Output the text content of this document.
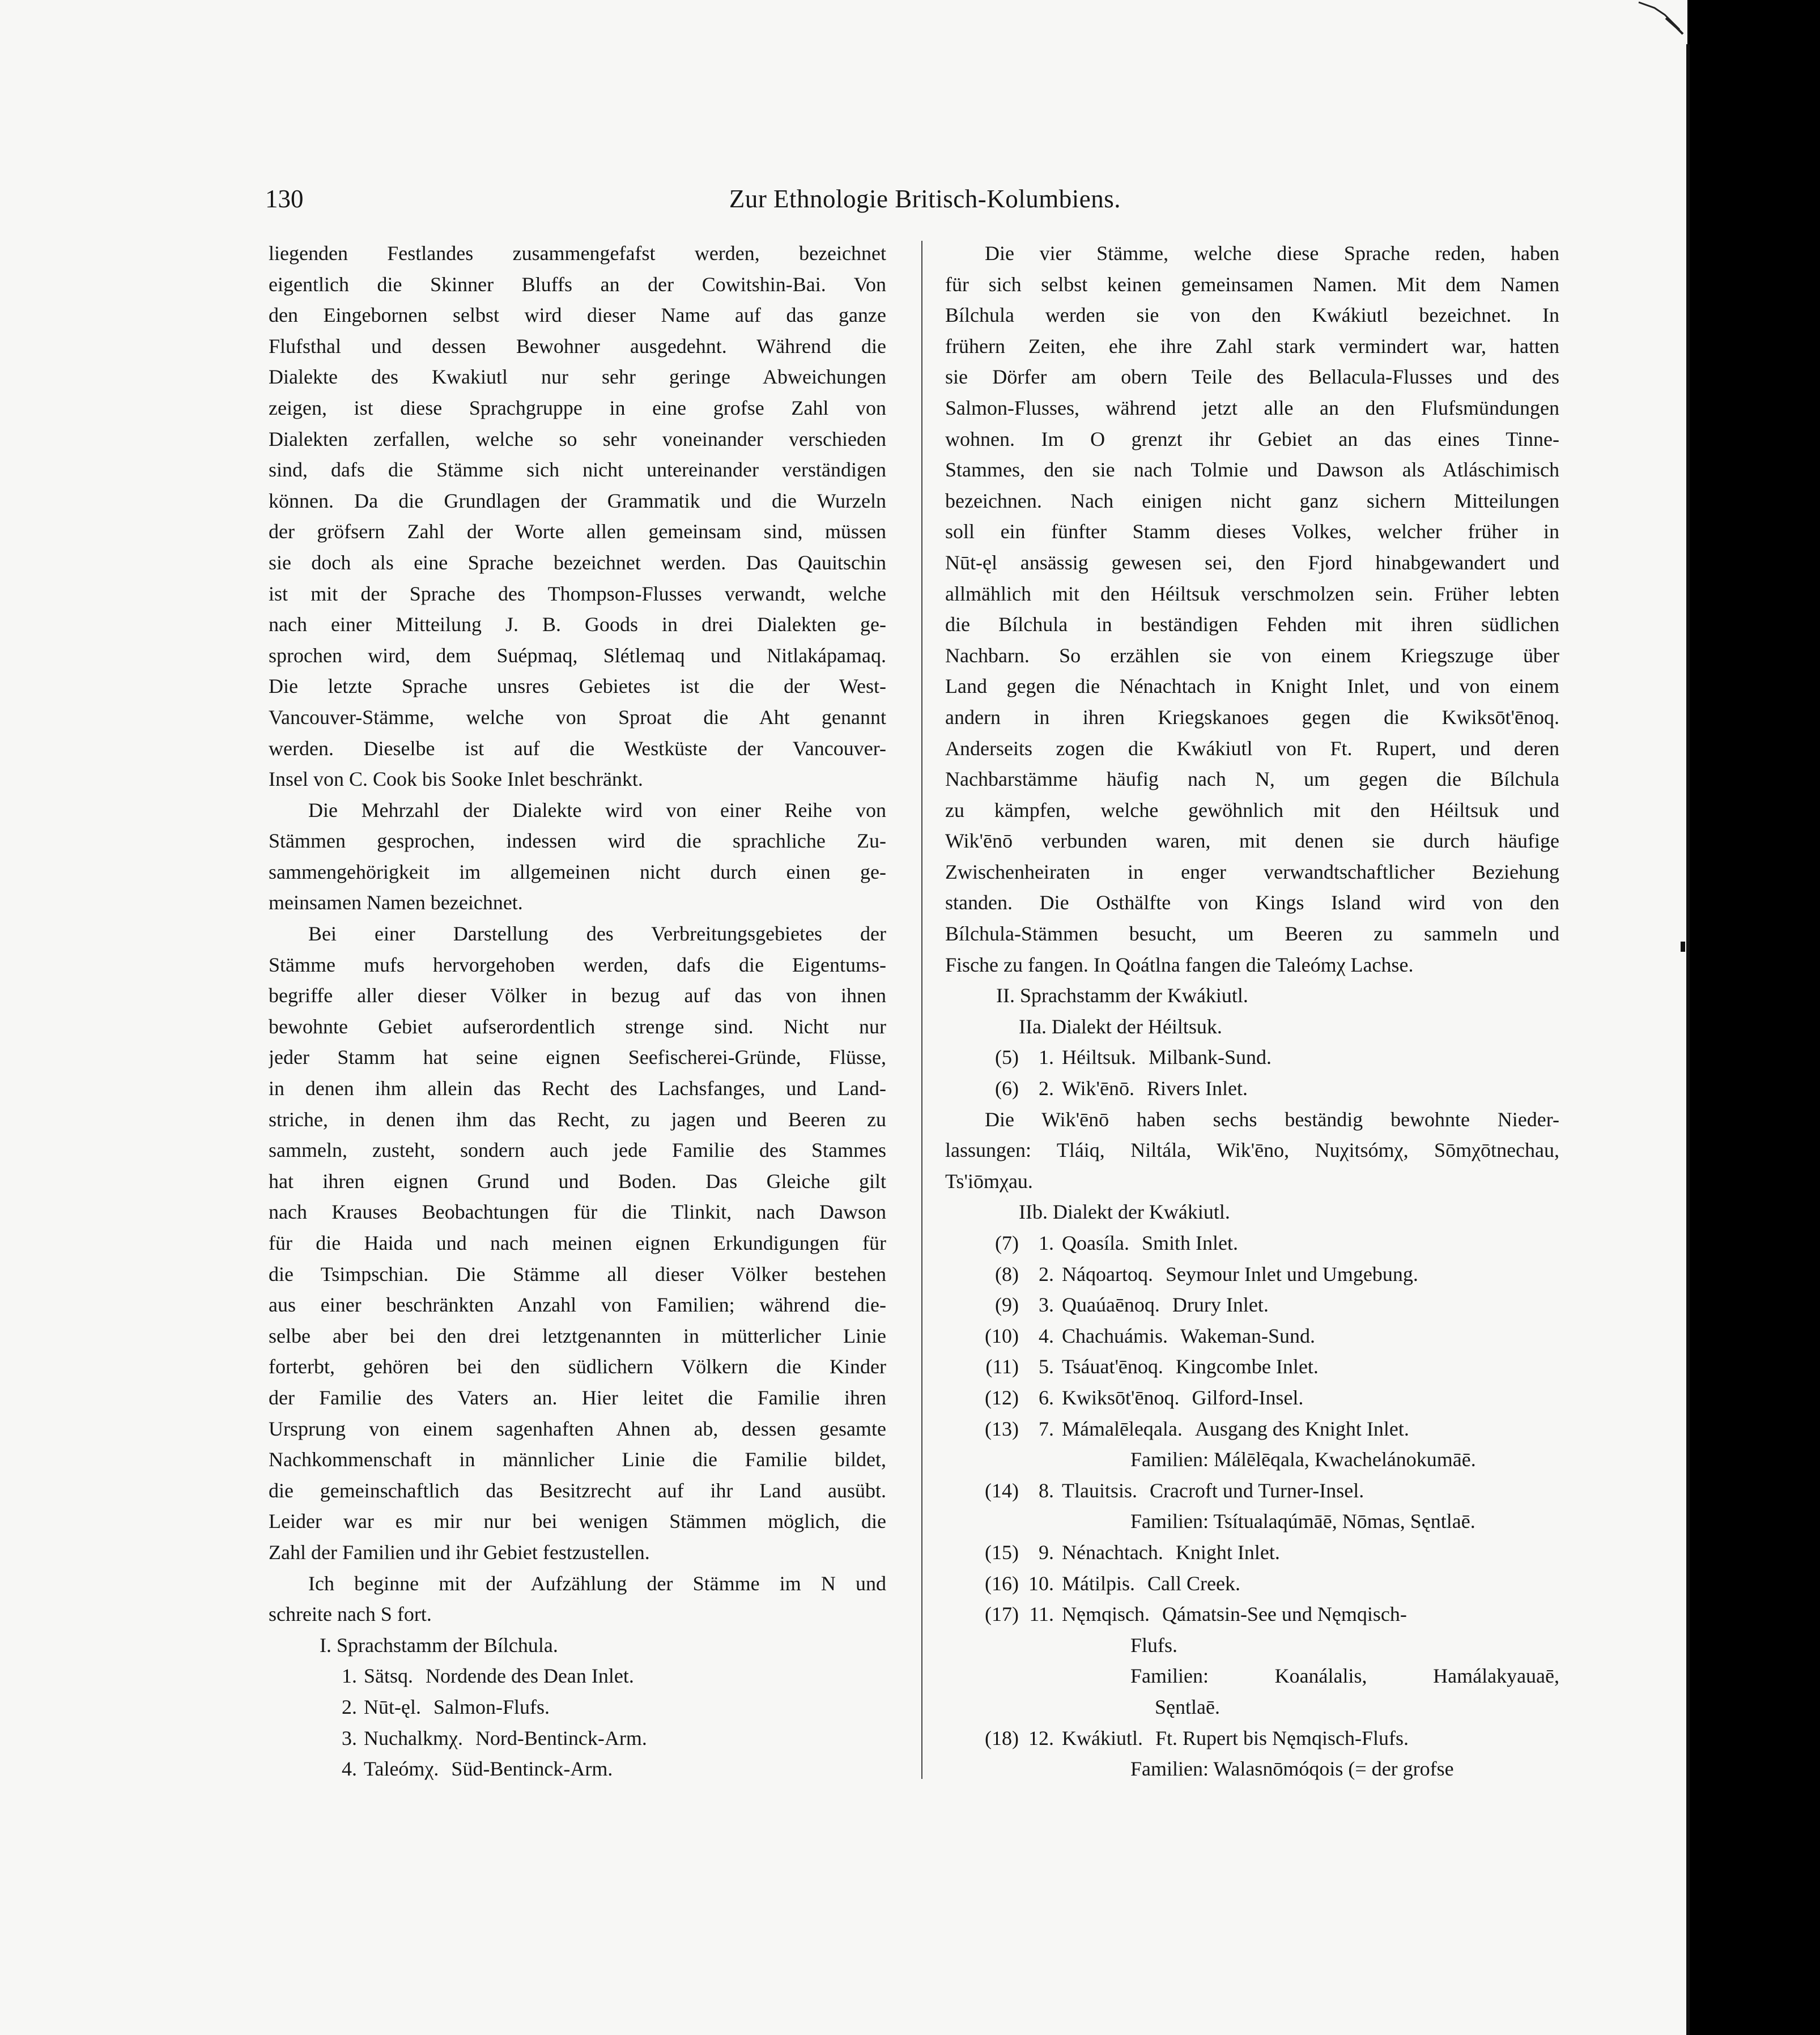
130	Zur Ethnologie Britisch-Kolumbiens.
liegenden Festlandes zusammengefafst werden, bezeichnet
eigentlich die Skinner Bluffs an der Cowitshin-Bai. Von
den Eingebornen selbst wird dieser Name auf das ganze
Flufsthal und dessen Bewohner ausgedehnt. Während die
Dialekte des Kwakiutl nur sehr geringe Abweichungen
zeigen, ist diese Sprachgruppe in eine grofse Zahl von
Dialekten zerfallen, welche so sehr voneinander verschieden
sind, dafs die Stämme sich nicht untereinander verständigen
können. Da die Grundlagen der Grammatik und die Wurzeln
der gröfsern Zahl der Worte allen gemeinsam sind, müssen
sie doch als eine Sprache bezeichnet werden. Das Qauitschin
ist mit der Sprache des Thompson-Flusses verwandt, welche
nach einer Mitteilung J. B. Goods in drei Dialekten ge-
sprochen wird, dem Suépmaq, Slétlemaq und Nitlakápamaq.
Die letzte Sprache unsres Gebietes ist die der West-
Vancouver-Stämme, welche von Sproat die Aht genannt
werden. Dieselbe ist auf die Westküste der Vancouver-
Insel von C. Cook bis Sooke Inlet beschränkt.
Die Mehrzahl der Dialekte wird von einer Reihe von
Stämmen gesprochen, indessen wird die sprachliche Zu-
sammengehörigkeit im allgemeinen nicht durch einen ge-
meinsamen Namen bezeichnet.
Bei einer Darstellung des Verbreitungsgebietes der
Stämme mufs hervorgehoben werden, dafs die Eigentums-
begriffe aller dieser Völker in bezug auf das von ihnen
bewohnte Gebiet aufserordentlich strenge sind. Nicht nur
jeder Stamm hat seine eignen Seefischerei-Gründe, Flüsse,
in denen ihm allein das Recht des Lachsfanges, und Land-
striche, in denen ihm das Recht, zu jagen und Beeren zu
sammeln, zusteht, sondern auch jede Familie des Stammes
hat ihren eignen Grund und Boden. Das Gleiche gilt
nach Krauses Beobachtungen für die Tlinkit, nach Dawson
für die Haida und nach meinen eignen Erkundigungen für
die Tsimpschian. Die Stämme all dieser Völker bestehen
aus einer beschränkten Anzahl von Familien; während die-
selbe aber bei den drei letztgenannten in mütterlicher Linie
forterbt, gehören bei den südlichern Völkern die Kinder
der Familie des Vaters an. Hier leitet die Familie ihren
Ursprung von einem sagenhaften Ahnen ab, dessen gesamte
Nachkommenschaft in männlicher Linie die Familie bildet,
die gemeinschaftlich das Besitzrecht auf ihr Land ausübt.
Leider war es mir nur bei wenigen Stämmen möglich, die
Zahl der Familien und ihr Gebiet festzustellen.
Ich beginne mit der Aufzählung der Stämme im N und
schreite nach S fort.
I. Sprachstamm der Bílchula.
1. Sätsq. Nordende des Dean Inlet.
2. Nūt-ęl. Salmon-Flufs.
3. Nuchalkmχ. Nord-Bentinck-Arm.
4. Taleómχ. Süd-Bentinck-Arm.
Die vier Stämme, welche diese Sprache reden, haben
für sich selbst keinen gemeinsamen Namen. Mit dem Namen
Bílchula werden sie von den Kwákiutl bezeichnet. In
frühern Zeiten, ehe ihre Zahl stark vermindert war, hatten
sie Dörfer am obern Teile des Bellacula-Flusses und des
Salmon-Flusses, während jetzt alle an den Flufsmündungen
wohnen. Im O grenzt ihr Gebiet an das eines Tinne-
Stammes, den sie nach Tolmie und Dawson als Atláschimisch
bezeichnen. Nach einigen nicht ganz sichern Mitteilungen
soll ein fünfter Stamm dieses Volkes, welcher früher in
Nūt-ęl ansässig gewesen sei, den Fjord hinabgewandert und
allmählich mit den Héiltsuk verschmolzen sein. Früher lebten
die Bílchula in beständigen Fehden mit ihren südlichen
Nachbarn. So erzählen sie von einem Kriegszuge über
Land gegen die Nénachtach in Knight Inlet, und von einem
andern in ihren Kriegskanoes gegen die Kwiksōt'ēnoq.
Anderseits zogen die Kwákiutl von Ft. Rupert, und deren
Nachbarstämme häufig nach N, um gegen die Bílchula
zu kämpfen, welche gewöhnlich mit den Héiltsuk und
Wik'ēnō verbunden waren, mit denen sie durch häufige
Zwischenheiraten in enger verwandtschaftlicher Beziehung
standen. Die Osthälfte von Kings Island wird von den
Bílchula-Stämmen besucht, um Beeren zu sammeln und
Fische zu fangen. In Qoátlna fangen die Taleómχ Lachse.
II. Sprachstamm der Kwákiutl.
IIa. Dialekt der Héiltsuk.
(5) 1. Héiltsuk. Milbank-Sund.
(6) 2. Wik'ēnō. Rivers Inlet.
Die Wik'ēnō haben sechs beständig bewohnte Nieder-
lassungen: Tláiq, Niltála, Wik'ēno, Nuχitsómχ, Sōmχōtnechau,
Ts'iōmχau.
IIb. Dialekt der Kwákiutl.
(7) 1. Qoasíla. Smith Inlet.
(8) 2. Náqoartoq. Seymour Inlet und Umgebung.
(9) 3. Quaúaēnoq. Drury Inlet.
(10) 4. Chachuámis. Wakeman-Sund.
(11) 5. Tsáuat'ēnoq. Kingcombe Inlet.
(12) 6. Kwiksōt'ēnoq. Gilford-Insel.
(13) 7. Mámalēleqala. Ausgang des Knight Inlet.
Familien: Málēlēqala, Kwachelánokumāē.
(14) 8. Tlauitsis. Cracroft und Turner-Insel.
Familien: Tsítualaqúmāē, Nōmas, Sęntlaē.
(15) 9. Nénachtach. Knight Inlet.
(16) 10. Mátilpis. Call Creek.
(17) 11. Nęmqisch. Qámatsin-See und Nęmqisch-
Flufs.
Familien: Koanálalis, Hamálakyauaē,
Sęntlaē.
(18) 12. Kwákiutl. Ft. Rupert bis Nęmqisch-Flufs.
Familien: Walasnōmóqois (= der grofse
